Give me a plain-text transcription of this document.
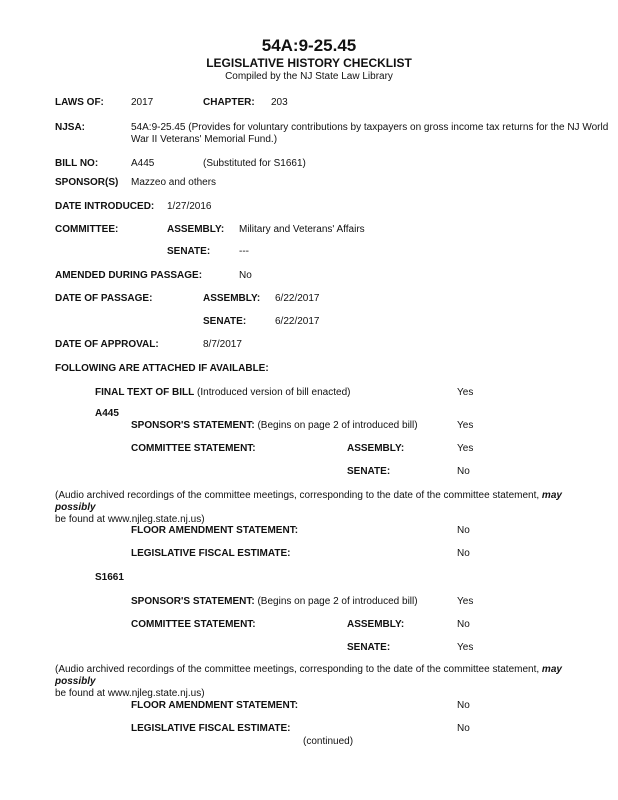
54A:9-25.45
LEGISLATIVE HISTORY CHECKLIST
Compiled by the NJ State Law Library
LAWS OF:	2017	CHAPTER: 203
NJSA:	54A:9-25.45 (Provides for voluntary contributions by taxpayers on gross income tax returns for the NJ World
War II Veterans' Memorial Fund.)
BILL NO:	A445	(Substituted for S1661)
SPONSOR(S) Mazzeo and others
DATE INTRODUCED: 1/27/2016
COMMITTEE:	ASSEMBLY: Military and Veterans' Affairs
SENATE:	---
AMENDED DURING PASSAGE:	No
DATE OF PASSAGE:	ASSEMBLY: 6/22/2017
SENATE:	6/22/2017
DATE OF APPROVAL:	8/7/2017
FOLLOWING ARE ATTACHED IF AVAILABLE:
FINAL TEXT OF BILL (Introduced version of bill enacted)	Yes
A445
SPONSOR'S STATEMENT: (Begins on page 2 of introduced bill)	Yes
COMMITTEE STATEMENT:	ASSEMBLY:	Yes
SENATE:	No
(Audio archived recordings of the committee meetings, corresponding to the date of the committee statement, may possibly
be found at www.njleg.state.nj.us)
FLOOR AMENDMENT STATEMENT:	No
LEGISLATIVE FISCAL ESTIMATE:	No
S1661
SPONSOR'S STATEMENT: (Begins on page 2 of introduced bill)	Yes
COMMITTEE STATEMENT:	ASSEMBLY:	No
SENATE:	Yes
(Audio archived recordings of the committee meetings, corresponding to the date of the committee statement, may possibly
be found at www.njleg.state.nj.us)
FLOOR AMENDMENT STATEMENT:	No
LEGISLATIVE FISCAL ESTIMATE:	No
(continued)
